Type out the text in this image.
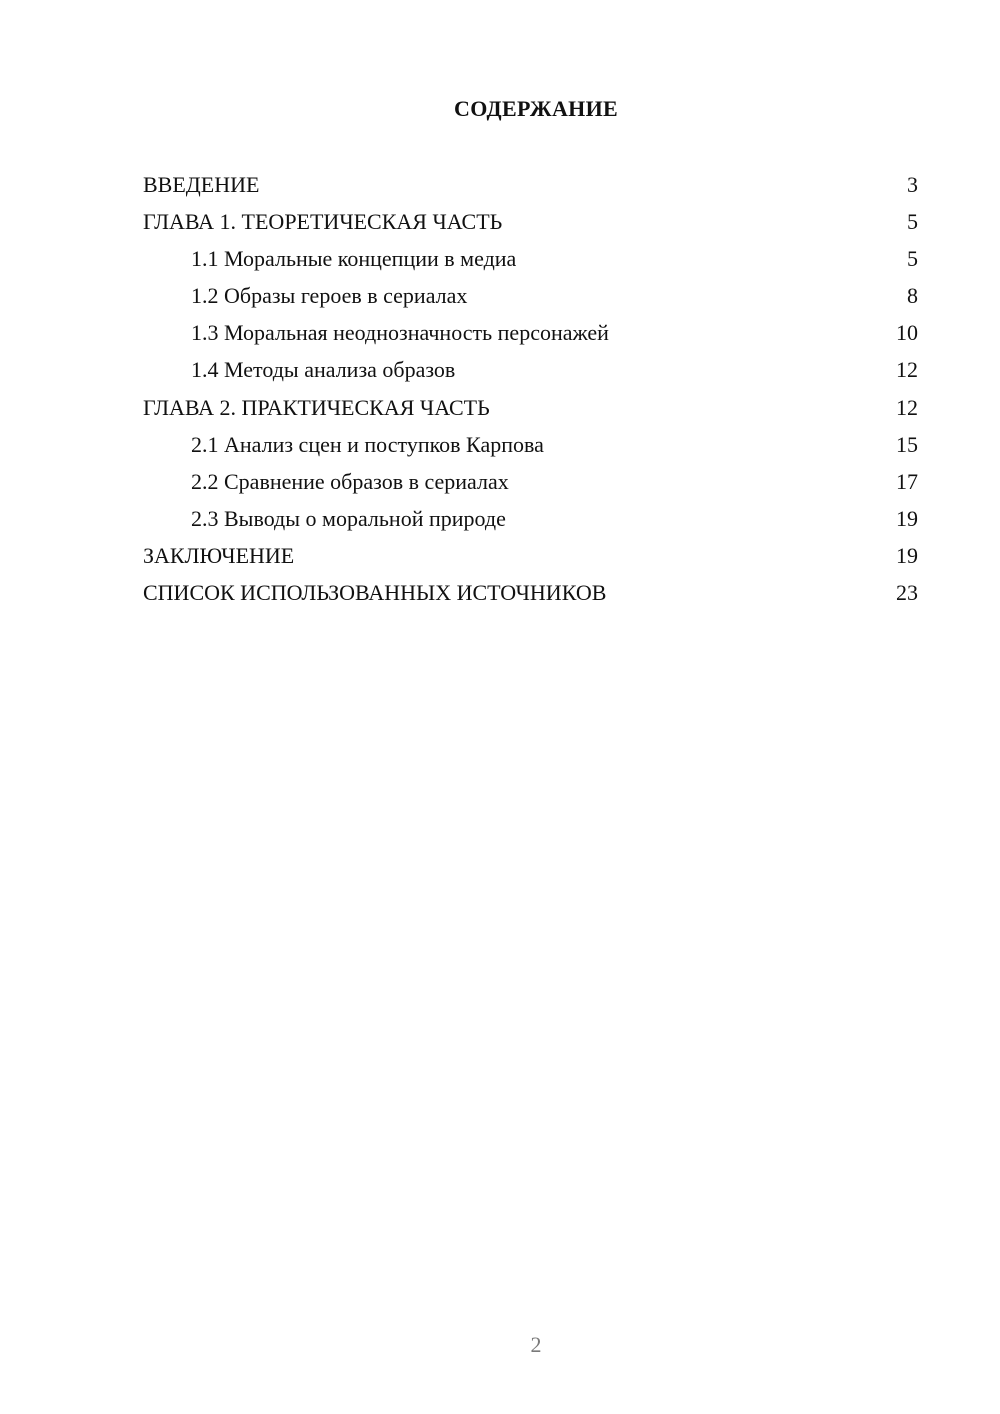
СОДЕРЖАНИЕ
ВВЕДЕНИЕ	3
ГЛАВА 1. ТЕОРЕТИЧЕСКАЯ ЧАСТЬ	5
1.1 Моральные концепции в медиа	5
1.2 Образы героев в сериалах	8
1.3 Моральная неоднозначность персонажей	10
1.4 Методы анализа образов	12
ГЛАВА 2. ПРАКТИЧЕСКАЯ ЧАСТЬ	12
2.1 Анализ сцен и поступков Карпова	15
2.2 Сравнение образов в сериалах	17
2.3 Выводы о моральной природе	19
ЗАКЛЮЧЕНИЕ	19
СПИСОК ИСПОЛЬЗОВАННЫХ ИСТОЧНИКОВ	23
2
